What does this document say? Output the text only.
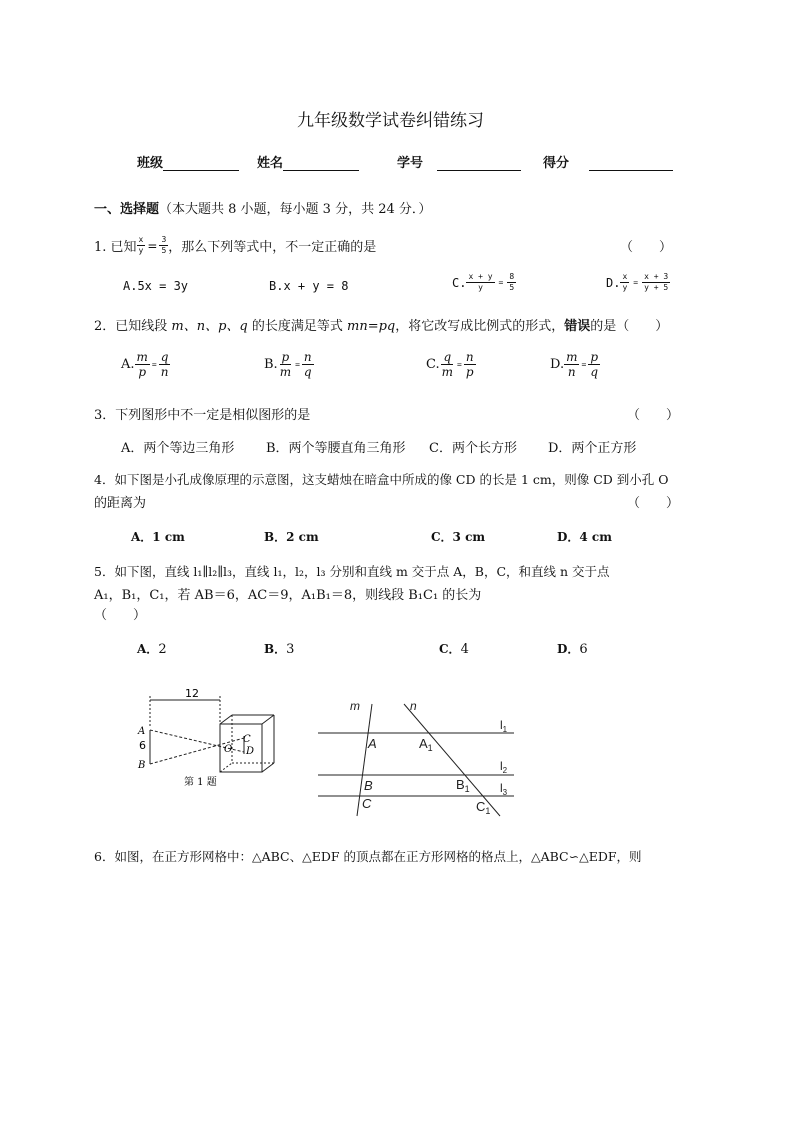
九年级数学试卷纠错练习
班级	姓名	学号	得分
一、选择题（本大题共 8 小题，每小题 3 分，共 24 分．）
1. 已知 $\frac{x}{y} = \frac{3}{5}$ ，那么下列等式中，不一定正确的是	（　　）
A.5x = 3y	B.x + y = 8	C. $\frac{x + y}{y} = \frac{8}{5}$	D. $\frac{x}{y} = \frac{x + 3}{y + 5}$
2．已知线段 m、n、p、q 的长度满足等式 mn=pq，将它改写成比例式的形式，错误的是（　　）
A. $\frac{m}{p} = \frac{q}{n}$	B. $\frac{p}{m} = \frac{n}{q}$	C. $\frac{q}{m} = \frac{n}{p}$	D. $\frac{m}{n} = \frac{p}{q}$
3．下列图形中不一定是相似图形的是	（　　）
A．两个等边三角形 B．两个等腰直角三角形 C．两个长方形 D．两个正方形
4．如下图是小孔成像原理的示意图，这支蜡烛在暗盒中所成的像 CD 的长是 1 cm，则像 CD 到小孔 O
的距离为	（　　）
A．1 cm	B．2 cm	C．3 cm	D．4 cm
5．如下图，直线 l₁∥l₂∥l₃，直线 l₁，l₂，l₃ 分别和直线 m 交于点 A，B，C，和直线 n 交于点
A₁，B₁，C₁，若 AB＝6，AC＝9，A₁B₁＝8，则线段 B₁C₁ 的长为
（　　）
A．2	B．3	C．4	D．6
12
6
A
B
C
D
O
第 1 题
m	n
A
B
C
$A_1$
$B_1$
$C_1$
$l_1$
$l_2$
$l_3$
6．如图，在正方形网格中：△ABC、△EDF 的顶点都在正方形网格的格点上，△ABC∽△EDF，则
